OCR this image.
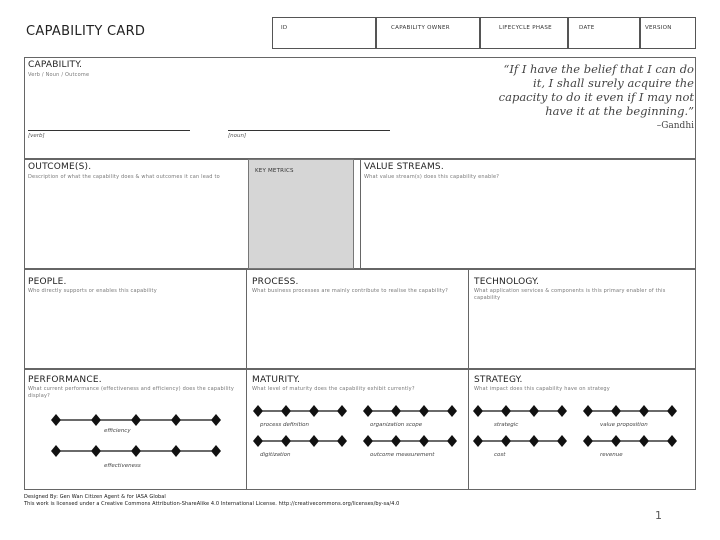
CAPABILITY CARD	ID	CAPABILITY OWNER	LIFECYCLE PHASE	DATE	VERSION
CAPABILITY.
Verb / Noun / Outcome
[verb]	[noun]
“If I have the belief that I can do it, I shall surely acquire the capacity to do it even if I may not have it at the beginning.”
–Gandhi
OUTCOME(S).
Description of what the capability does & what outcomes it can lead to
KEY METRICS	VALUE STREAMS.
What value stream(s) does this capability enable?
PEOPLE.
Who directly supports or enables this capability
PROCESS.
What business processes are mainly contribute to realise the capability?
TECHNOLOGY.
What application services & components is this primary enabler of this capability
PERFORMANCE.
What current performance (effectiveness and efficiency) does the capability display?
MATURITY.
What level of maturity does the capability exhibit currently?
STRATEGY.
What impact does this capability have on strategy
efficiency
effectiveness
process definition	organization scope
digitization	outcome measurement
strategic	value proposition
cost	revenue
Designed By: Gen Wan Citizen Agent & for IASA Global
This work is licensed under a Creative Commons Attribution-ShareAlike 4.0 International License. http://creativecommons.org/licenses/by-sa/4.0
1
